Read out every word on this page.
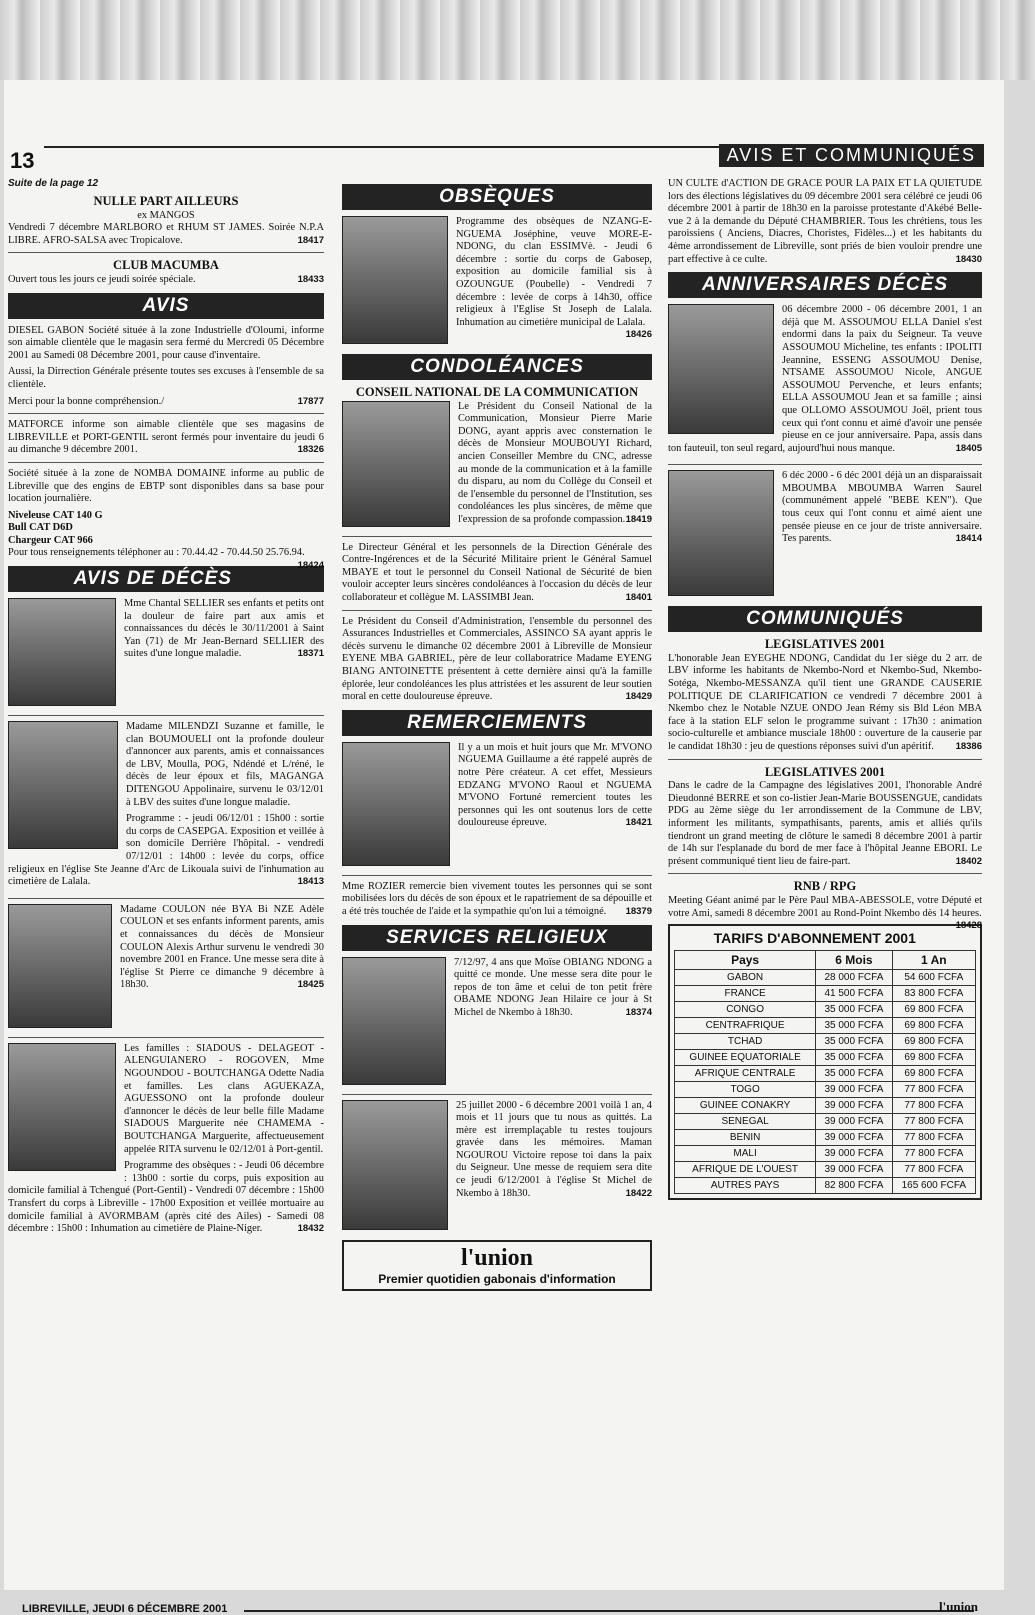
13	AVIS ET COMMUNIQUÉS
Suite de la page 12
NULLE PART AILLEURS
ex MANGOS

Vendredi 7 décembre MARLBORO et RHUM ST JAMES. Soirée N.P.A LIBRE. AFRO-SALSA avec Tropicalove.	18417

CLUB MACUMBA

Ouvert tous les jours ce jeudi soirée spéciale.	18433

AVIS

DIESEL GABON Société située à la zone Industrielle d'Oloumi, informe son aimable clientèle que le magasin sera fermé du Mercredi 05 Décembre 2001 au Samedi 08 Décembre 2001, pour cause d'inventaire.

Aussi, la Dirrection Générale présente toutes ses excuses à l'ensemble de sa clientèle.

Merci pour la bonne compréhension./	17877

MATFORCE informe son aimable clientèle que ses magasins de LIBREVILLE et PORT-GENTIL seront fermés pour inventaire du jeudi 6 au dimanche 9 décembre 2001.	18326

Société située à la zone de NOMBA DOMAINE informe au public de Libreville que des engins de EBTP sont disponibles dans sa base pour location journalière.

Niveleuse CAT 140 G
Bull CAT D6D
Chargeur CAT 966

Pour tous renseignements téléphoner au : 70.44.42 - 70.44.50 25.76.94.
18424

AVIS DE DÉCÈS

Mme Chantal SELLIER ses enfants et petits ont la douleur de faire part aux amis et connaissances du décès le 30/11/2001 à Saint Yan (71) de Mr Jean-Bernard SELLIER des suites d'une longue maladie.	18371

Madame MILENDZI Suzanne et famille, le clan BOUMOUELI ont la profonde douleur d'annoncer aux parents, amis et connaissances de LBV, Moulla, POG, Ndéndé et L/réné, le décès de leur époux et fils, MAGANGA DITENGOU Appolinaire, survenu le 03/12/01 à LBV des suites d'une longue maladie.

Programme : - jeudi 06/12/01 : 15h00 : sortie du corps de CASEPGA. Exposition et veillée à son domicile Derrière l'hôpital. - vendredi 07/12/01 : 14h00 : levée du corps, office religieux en l'église Ste Jeanne d'Arc de Likouala suivi de l'inhumation au cimetière de Lalala.	18413

Madame COULON née BYA Bi NZE Adèle COULON et ses enfants informent parents, amis et connaissances du décès de Monsieur COULON Alexis Arthur survenu le vendredi 30 novembre 2001 en France. Une messe sera dite à l'église St Pierre ce dimanche 9 décembre à 18h30.	18425

Les familles : SIADOUS - DELAGEOT - ALENGUIANERO - ROGOVEN, Mme NGOUNDOU - BOUTCHANGA Odette Nadia et familles. Les clans AGUEKAZA, AGUESSONO ont la profonde douleur d'annoncer le décès de leur belle fille Madame SIADOUS Marguerite née CHAMEMA - BOUTCHANGA Marguerite, affectueusement appelée RITA survenu le 02/12/01 à Port-gentil.

Programme des obsèques : - Jeudi 06 décembre : 13h00 : sortie du corps, puis exposition au domicile familial à Tchengué (Port-Gentil) - Vendredi 07 décembre : 15h00 Transfert du corps à Libreville - 17h00 Exposition et veillée mortuaire au domicile familial à AVORMBAM (après cité des Ailes) - Samedi 08 décembre : 15h00 : Inhumation au cimetière de Plaine-Niger.	18432

OBSÈQUES

Programme des obsèques de NZANG-E-NGUEMA Joséphine, veuve MORE-E- NDONG, du clan ESSIMVè. - Jeudi 6 décembre : sortie du corps de Gabosep, exposition au domicile familial sis à OZOUNGUE (Poubelle) - Vendredi 7 décembre : levée de corps à 14h30, office religieux à l'Eglise St Joseph de Lalala. Inhumation au cimetière municipal de Lalala.
18426

CONDOLÉANCES
CONSEIL NATIONAL DE LA COMMUNICATION

Le Président du Conseil National de la Communication, Monsieur Pierre Marie DONG, ayant appris avec consternation le décès de Monsieur MOUBOUYI Richard, ancien Conseiller Membre du CNC, adresse au monde de la communication et à la famille du disparu, au nom du Collège du Conseil et de l'ensemble du personnel de l'Institution, ses condoléances les plus sincères, de même que l'expression de sa profonde compassion. 18419

Le Directeur Général et les personnels de la Direction Générale des Contre-Ingérences et de la Sécurité Militaire prient le Général Samuel MBAYE et tout le personnel du Conseil National de Sécurité de bien vouloir accepter leurs sincères condoléances à l'occasion du décès de leur collaborateur et collègue M. LASSIMBI Jean.	18401

Le Président du Conseil d'Administration, l'ensemble du personnel des Assurances Industrielles et Commerciales, ASSINCO SA ayant appris le décès survenu le dimanche 02 décembre 2001 à Libreville de Monsieur EYENE MBA GABRIEL, père de leur collaboratrice Madame EYENG BIANG ANTOINETTE présentent à cette dernière ainsi qu'à la famille éplorée, leur condoléances les plus attristées et les assurent de leur soutien moral en cette douloureuse épreuve.	18429

REMERCIEMENTS

Il y a un mois et huit jours que Mr. M'VONO NGUEMA Guillaume a été rappelé auprès de notre Père créateur. A cet effet, Messieurs EDZANG M'VONO Raoul et NGUEMA M'VONO Fortuné remercient toutes les personnes qui les ont soutenus lors de cette douloureuse épreuve.	18421

Mme ROZIER remercie bien vivement toutes les personnes qui se sont mobilisées lors du décès de son époux et le rapatriement de sa dépouille et a été très touchée de l'aide et la sympathie qu'on lui a témoigné. 18379

SERVICES RELIGIEUX

7/12/97, 4 ans que Moïse OBIANG NDONG a quitté ce monde. Une messe sera dite pour le repos de ton âme et celui de ton petit frère OBAME NDONG Jean Hilaire ce jour à St Michel de Nkembo à 18h30.	18374

25 juillet 2000 - 6 décembre 2001 voilà 1 an, 4 mois et 11 jours que tu nous as quittés. La mère est irremplaçable tu restes toujours gravée dans les mémoires. Maman NGOUROU Victoire repose toi dans la paix du Seigneur. Une messe de requiem sera dite ce jeudi 6/12/2001 à l'église St Michel de Nkembo à 18h30.	18422

l'union
Premier quotidien gabonais d'information

UN CULTE d'ACTION DE GRACE POUR LA PAIX ET LA QUIETUDE lors des élections législatives du 09 décembre 2001 sera célébré ce jeudi 06 décembre 2001 à partir de 18h30 en la paroisse protestante d'Akébé Belle-vue 2 à la demande du Député CHAMBRIER. Tous les chrétiens, tous les paroissiens ( Anciens, Diacres, Choristes, Fidèles...) et les habitants du 4ème arrondissement de Libreville, sont priés de bien vouloir prendre une part effective à ce culte.	18430

ANNIVERSAIRES DÉCÈS

06 décembre 2000 - 06 décembre 2001, 1 an déjà que M. ASSOUMOU ELLA Daniel s'est endormi dans la paix du Seigneur. Ta veuve ASSOUMOU Micheline, tes enfants : IPOLITI Jeannine, ESSENG ASSOUMOU Denise, NTSAME ASSOUMOU Nicole, ANGUE ASSOUMOU Pervenche, et leurs enfants; ELLA ASSOUMOU Jean et sa famille ; ainsi que OLLOMO ASSOUMOU Joël, prient tous ceux qui t'ont connu et aimé d'avoir une pensée pieuse en ce jour anniversaire. Papa, assis dans ton fauteuil, ton seul regard, aujourd'hui nous manque.	18405

6 déc 2000 - 6 déc 2001 déjà un an disparaissait MBOUMBA MBOUMBA Warren Saurel (communément appelé "BEBE KEN"). Que tous ceux qui l'ont connu et aimé aient une pensée pieuse en ce jour de triste anniversaire. Tes parents.	18414

COMMUNIQUÉS
LEGISLATIVES 2001

L'honorable Jean EYEGHE NDONG, Candidat du 1er siège du 2 arr. de LBV informe les habitants de Nkembo-Nord et Nkembo-Sud, Nkembo-Sotéga, Nkembo-MESSANZA qu'il tient une GRANDE CAUSERIE POLITIQUE DE CLARIFICATION ce vendredi 7 décembre 2001 à Nkembo chez le Notable NZUE ONDO Jean Rémy sis Bld Léon MBA face à la station ELF selon le programme suivant : 17h30 : animation socio-culturelle et ambiance musciale 18h00 : ouverture de la causerie par le candidat 18h30 : jeu de questions réponses suivi d'un apéritif. 18386

LEGISLATIVES 2001

Dans le cadre de la Campagne des législatives 2001, l'honorable André Dieudonné BERRE et son co-listier Jean-Marie BOUSSENGUE, candidats PDG au 2ème siège du 1er arrondissement de la Commune de LBV, informent les militants, sympathisants, parents, amis et alliés qu'ils tiendront un grand meeting de clôture le samedi 8 décembre 2001 à partir de 14h sur l'esplanade du bord de mer face à l'hôpital Jeanne EBORI. Le présent communiqué tient lieu de faire-part.	18402

RNB / RPG

Meeting Géant animé par le Père Paul MBA-ABESSOLE, votre Député et votre Ami, samedi 8 décembre 2001 au Rond-Point Nkembo dès 14 heures.
18428

TARIFS D'ABONNEMENT 2001
Pays	6 Mois	1 An
GABON	28 000 FCFA	54 600 FCFA
FRANCE	41 500 FCFA	83 800 FCFA
CONGO	35 000 FCFA	69 800 FCFA
CENTRAFRIQUE	35 000 FCFA	69 800 FCFA
TCHAD	35 000 FCFA	69 800 FCFA
GUINEE EQUATORIALE	35 000 FCFA	69 800 FCFA
AFRIQUE CENTRALE	35 000 FCFA	69 800 FCFA
TOGO	39 000 FCFA	77 800 FCFA
GUINEE CONAKRY	39 000 FCFA	77 800 FCFA
SENEGAL	39 000 FCFA	77 800 FCFA
BENIN	39 000 FCFA	77 800 FCFA
MALI	39 000 FCFA	77 800 FCFA
AFRIQUE DE L'OUEST	39 000 FCFA	77 800 FCFA
AUTRES PAYS	82 800 FCFA	165 600 FCFA
LIBREVILLE, JEUDI 6 DÉCEMBRE 2001	l'union
